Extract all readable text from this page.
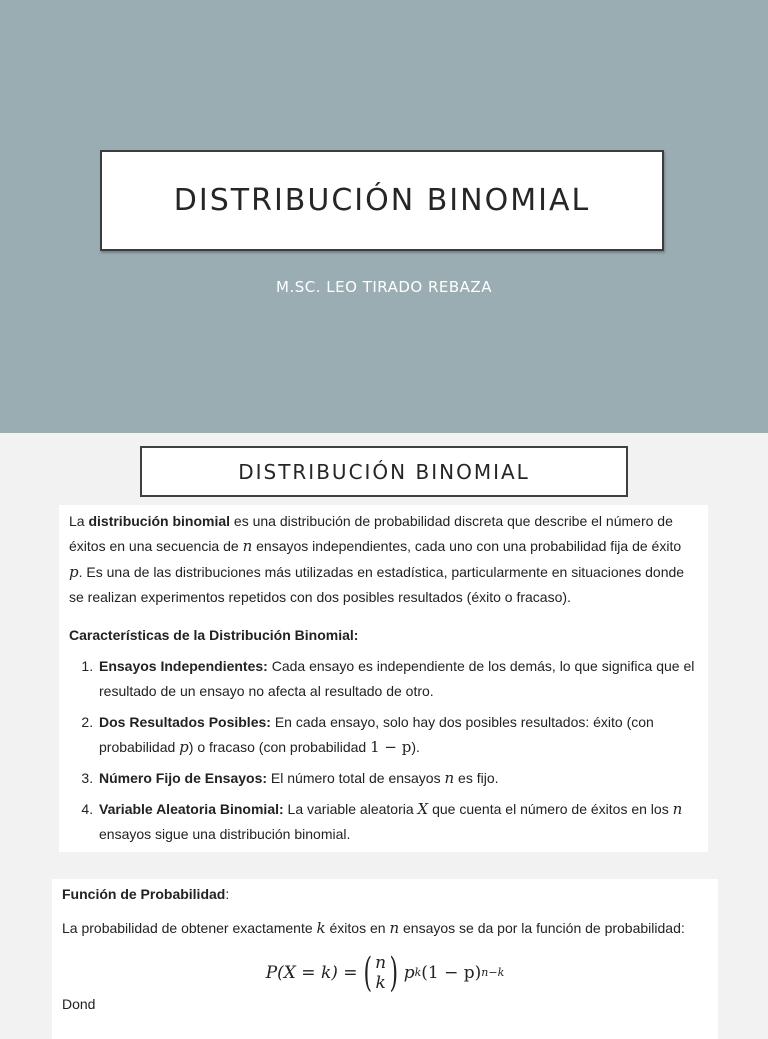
DISTRIBUCIÓN BINOMIAL
M.SC. LEO TIRADO REBAZA
DISTRIBUCIÓN BINOMIAL

La distribución binomial es una distribución de probabilidad discreta que describe el número de éxitos en una secuencia de n ensayos independientes, cada uno con una probabilidad fija de éxito p. Es una de las distribuciones más utilizadas en estadística, particularmente en situaciones donde se realizan experimentos repetidos con dos posibles resultados (éxito o fracaso).

Características de la Distribución Binomial:

1. Ensayos Independientes: Cada ensayo es independiente de los demás, lo que significa que el resultado de un ensayo no afecta al resultado de otro.
2. Dos Resultados Posibles: En cada ensayo, solo hay dos posibles resultados: éxito (con probabilidad p) o fracaso (con probabilidad 1 − p).
3. Número Fijo de Ensayos: El número total de ensayos n es fijo.
4. Variable Aleatoria Binomial: La variable aleatoria X que cuenta el número de éxitos en los n ensayos sigue una distribución binomial.

Función de Probabilidad:

La probabilidad de obtener exactamente k éxitos en n ensayos se da por la función de probabilidad:

P(X = k) = ( n
k ) p k (1 − p) n−k

Dond
